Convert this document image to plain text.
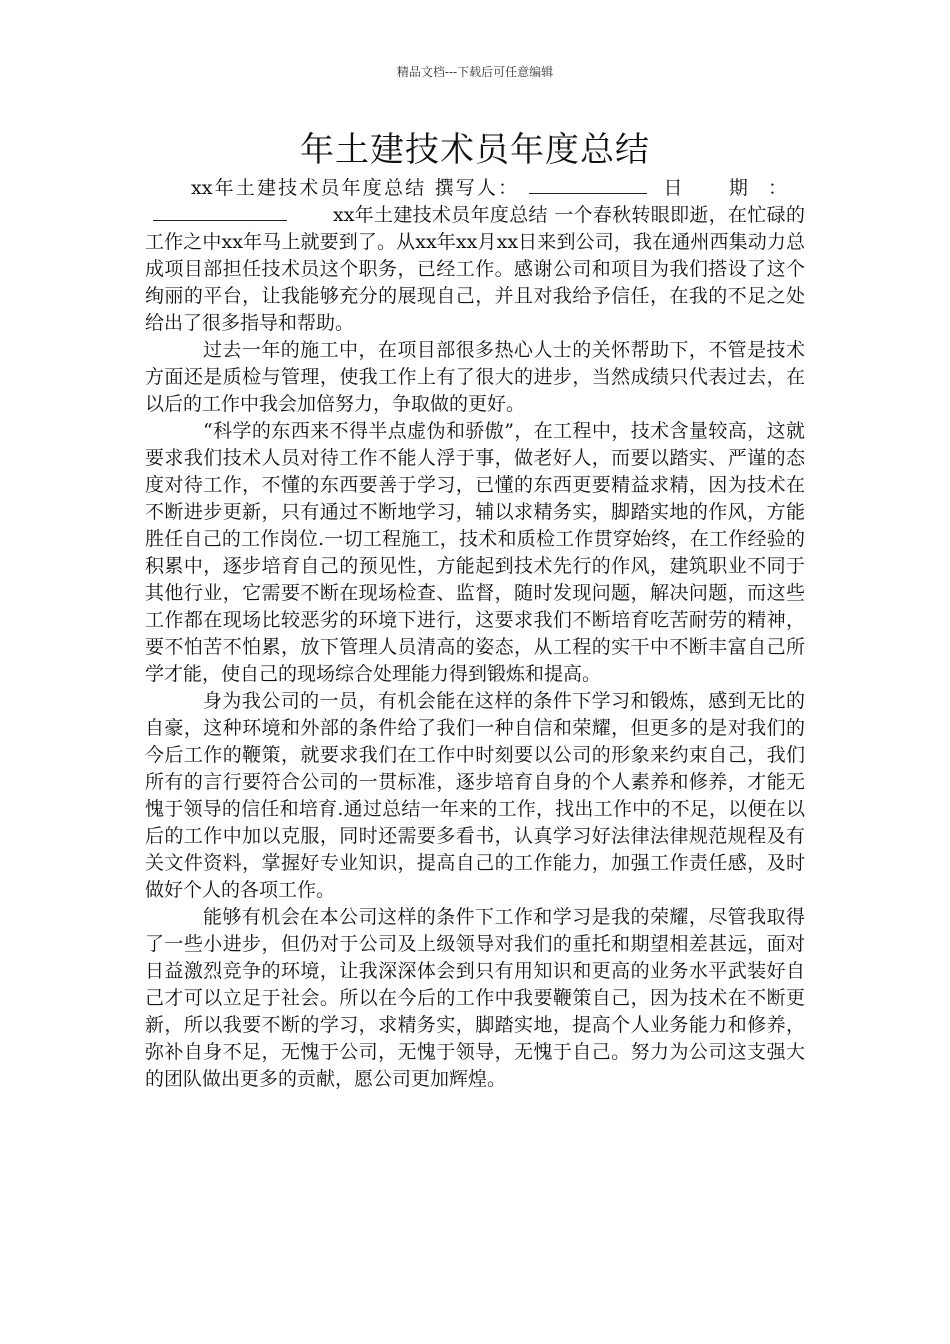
精品文档---下载后可任意编辑
年土建技术员年度总结

xx年土建技术员年度总结 撰写人：	日 期：xx年土建技术员年度总结 一个春秋转眼即逝，在忙碌的工作之中xx年马上就要到了。从xx年xx月xx日来到公司，我在通州西集动力总成项目部担任技术员这个职务，已经工作。感谢公司和项目为我们搭设了这个绚丽的平台，让我能够充分的展现自己，并且对我给予信任，在我的不足之处给出了很多指导和帮助。

过去一年的施工中，在项目部很多热心人士的关怀帮助下，不管是技术方面还是质检与管理，使我工作上有了很大的进步，当然成绩只代表过去，在以后的工作中我会加倍努力，争取做的更好。

“科学的东西来不得半点虚伪和骄傲”，在工程中，技术含量较高，这就要求我们技术人员对待工作不能人浮于事，做老好人，而要以踏实、严谨的态度对待工作，不懂的东西要善于学习，已懂的东西更要精益求精，因为技术在不断进步更新，只有通过不断地学习，辅以求精务实，脚踏实地的作风，方能胜任自己的工作岗位.一切工程施工，技术和质检工作贯穿始终，在工作经验的积累中，逐步培育自己的预见性，方能起到技术先行的作风，建筑职业不同于其他行业，它需要不断在现场检查、监督，随时发现问题，解决问题，而这些工作都在现场比较恶劣的环境下进行，这要求我们不断培育吃苦耐劳的精神，要不怕苦不怕累，放下管理人员清高的姿态，从工程的实干中不断丰富自己所学才能，使自己的现场综合处理能力得到锻炼和提高。

身为我公司的一员，有机会能在这样的条件下学习和锻炼，感到无比的自豪，这种环境和外部的条件给了我们一种自信和荣耀，但更多的是对我们的今后工作的鞭策，就要求我们在工作中时刻要以公司的形象来约束自己，我们所有的言行要符合公司的一贯标准，逐步培育自身的个人素养和修养，才能无愧于领导的信任和培育.通过总结一年来的工作，找出工作中的不足，以便在以后的工作中加以克服，同时还需要多看书，认真学习好法律法律规范规程及有关文件资料，掌握好专业知识，提高自己的工作能力，加强工作责任感，及时做好个人的各项工作。

能够有机会在本公司这样的条件下工作和学习是我的荣耀，尽管我取得了一些小进步，但仍对于公司及上级领导对我们的重托和期望相差甚远，面对日益激烈竞争的环境，让我深深体会到只有用知识和更高的业务水平武装好自己才可以立足于社会。所以在今后的工作中我要鞭策自己，因为技术在不断更新，所以我要不断的学习，求精务实，脚踏实地，提高个人业务能力和修养，弥补自身不足，无愧于公司，无愧于领导，无愧于自己。努力为公司这支强大的团队做出更多的贡献，愿公司更加辉煌。
